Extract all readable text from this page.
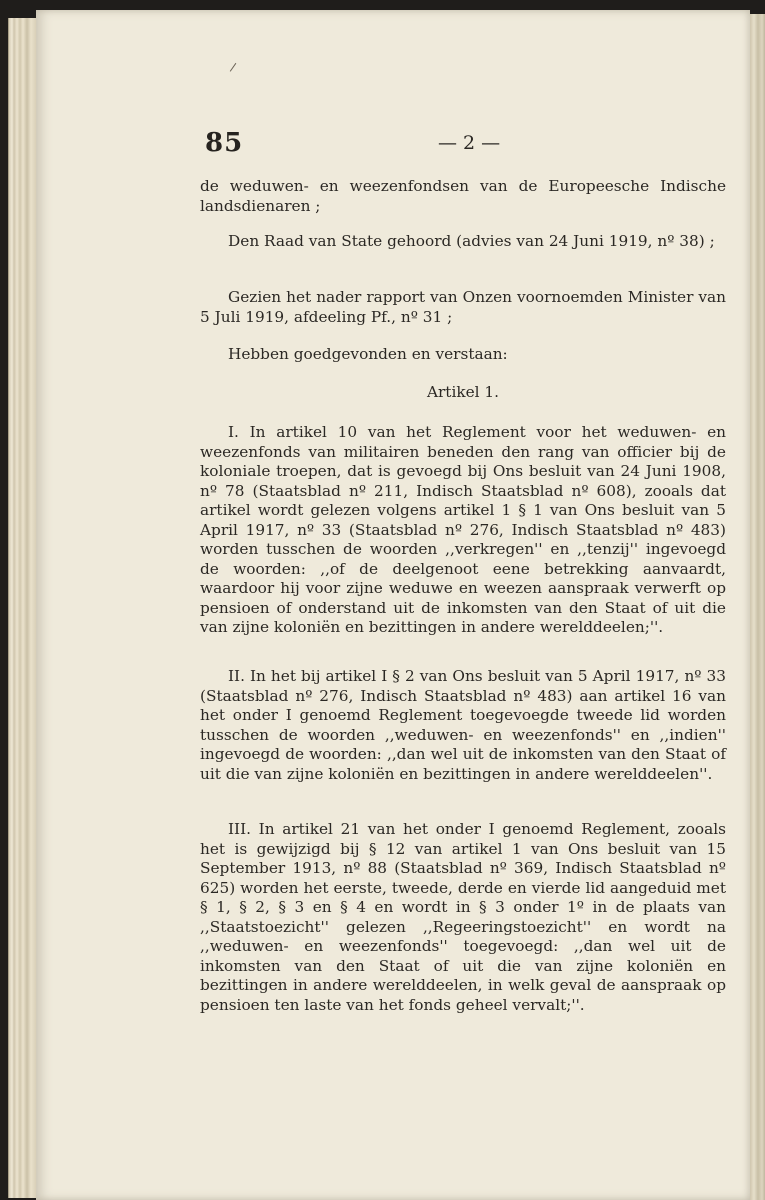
85	— 2 —
de weduwen- en weezenfondsen van de Europeesche Indische landsdienaren ;
Den Raad van State gehoord (advies van 24 Juni 1919, nº 38) ;
Gezien het nader rapport van Onzen voornoemden Minister van 5 Juli 1919, afdeeling Pf., nº 31 ;
Hebben goedgevonden en verstaan:
Artikel 1.
I. In artikel 10 van het Reglement voor het weduwen- en weezenfonds van militairen beneden den rang van officier bij de koloniale troepen, dat is gevoegd bij Ons besluit van 24 Juni 1908, nº 78 (Staatsblad nº 211, Indisch Staatsblad nº 608), zooals dat artikel wordt gelezen volgens artikel 1 § 1 van Ons besluit van 5 April 1917, nº 33 (Staatsblad nº 276, Indisch Staatsblad nº 483) worden tusschen de woorden ,,verkregen'' en ,,tenzij'' ingevoegd de woorden: ,,of de deelgenoot eene betrekking aanvaardt, waardoor hij voor zijne weduwe en weezen aanspraak verwerft op pensioen of onderstand uit de inkomsten van den Staat of uit die van zijne koloniën en bezittingen in andere werelddeelen;''.
II. In het bij artikel I § 2 van Ons besluit van 5 April 1917, nº 33 (Staatsblad nº 276, Indisch Staatsblad nº 483) aan artikel 16 van het onder I genoemd Reglement toegevoegde tweede lid worden tusschen de woorden ,,weduwen- en weezenfonds'' en ,,indien'' ingevoegd de woorden: ,,dan wel uit de inkomsten van den Staat of uit die van zijne koloniën en bezittingen in andere werelddeelen''.
III. In artikel 21 van het onder I genoemd Reglement, zooals het is gewijzigd bij § 12 van artikel 1 van Ons besluit van 15 September 1913, nº 88 (Staatsblad nº 369, Indisch Staatsblad nº 625) worden het eerste, tweede, derde en vierde lid aangeduid met § 1, § 2, § 3 en § 4 en wordt in § 3 onder 1º in de plaats van ,,Staatstoezicht'' gelezen ,,Regeeringstoezicht'' en wordt na ,,weduwen- en weezenfonds'' toegevoegd: ,,dan wel uit de inkomsten van den Staat of uit die van zijne koloniën en bezittingen in andere werelddeelen, in welk geval de aanspraak op pensioen ten laste van het fonds geheel vervalt;''.
